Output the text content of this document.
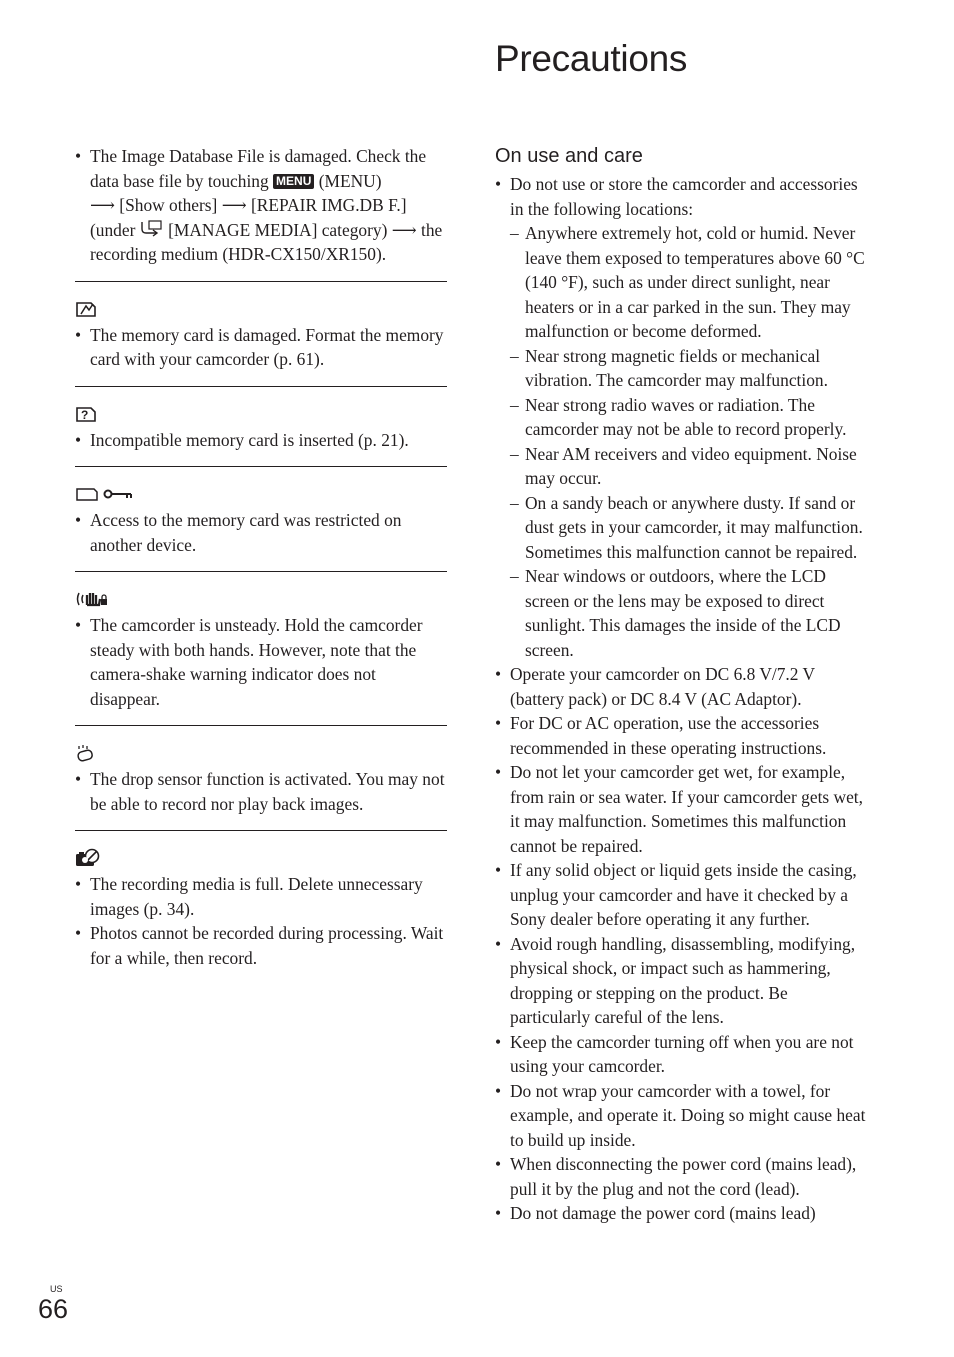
Precautions
• The Image Database File is damaged. Check the data base file by touching MENU (MENU)
⟶ [Show others] ⟶ [REPAIR IMG.DB F.] (under [MANAGE MEDIA] category) ⟶ the recording medium (HDR-CX150/XR150).
• The memory card is damaged. Format the memory card with your camcorder (p. 61).
?
• Incompatible memory card is inserted (p. 21).
• Access to the memory card was restricted on another device.
• The camcorder is unsteady. Hold the camcorder steady with both hands. However, note that the camera-shake warning indicator does not disappear.
• The drop sensor function is activated. You may not be able to record nor play back images.
• The recording media is full. Delete unnecessary images (p. 34).
• Photos cannot be recorded during processing. Wait for a while, then record.
On use and care
• Do not use or store the camcorder and accessories in the following locations:
– Anywhere extremely hot, cold or humid. Never leave them exposed to temperatures above 60 °C (140 °F), such as under direct sunlight, near heaters or in a car parked in the sun. They may malfunction or become deformed.
– Near strong magnetic fields or mechanical vibration. The camcorder may malfunction.
– Near strong radio waves or radiation. The camcorder may not be able to record properly.
– Near AM receivers and video equipment. Noise may occur.
– On a sandy beach or anywhere dusty. If sand or dust gets in your camcorder, it may malfunction. Sometimes this malfunction cannot be repaired.
– Near windows or outdoors, where the LCD screen or the lens may be exposed to direct sunlight. This damages the inside of the LCD screen.
• Operate your camcorder on DC 6.8 V/7.2 V (battery pack) or DC 8.4 V (AC Adaptor).
• For DC or AC operation, use the accessories recommended in these operating instructions.
• Do not let your camcorder get wet, for example, from rain or sea water. If your camcorder gets wet, it may malfunction. Sometimes this malfunction cannot be repaired.
• If any solid object or liquid gets inside the casing, unplug your camcorder and have it checked by a Sony dealer before operating it any further.
• Avoid rough handling, disassembling, modifying, physical shock, or impact such as hammering, dropping or stepping on the product. Be particularly careful of the lens.
• Keep the camcorder turning off when you are not using your camcorder.
• Do not wrap your camcorder with a towel, for example, and operate it. Doing so might cause heat to build up inside.
• When disconnecting the power cord (mains lead), pull it by the plug and not the cord (lead).
• Do not damage the power cord (mains lead)
US
66
